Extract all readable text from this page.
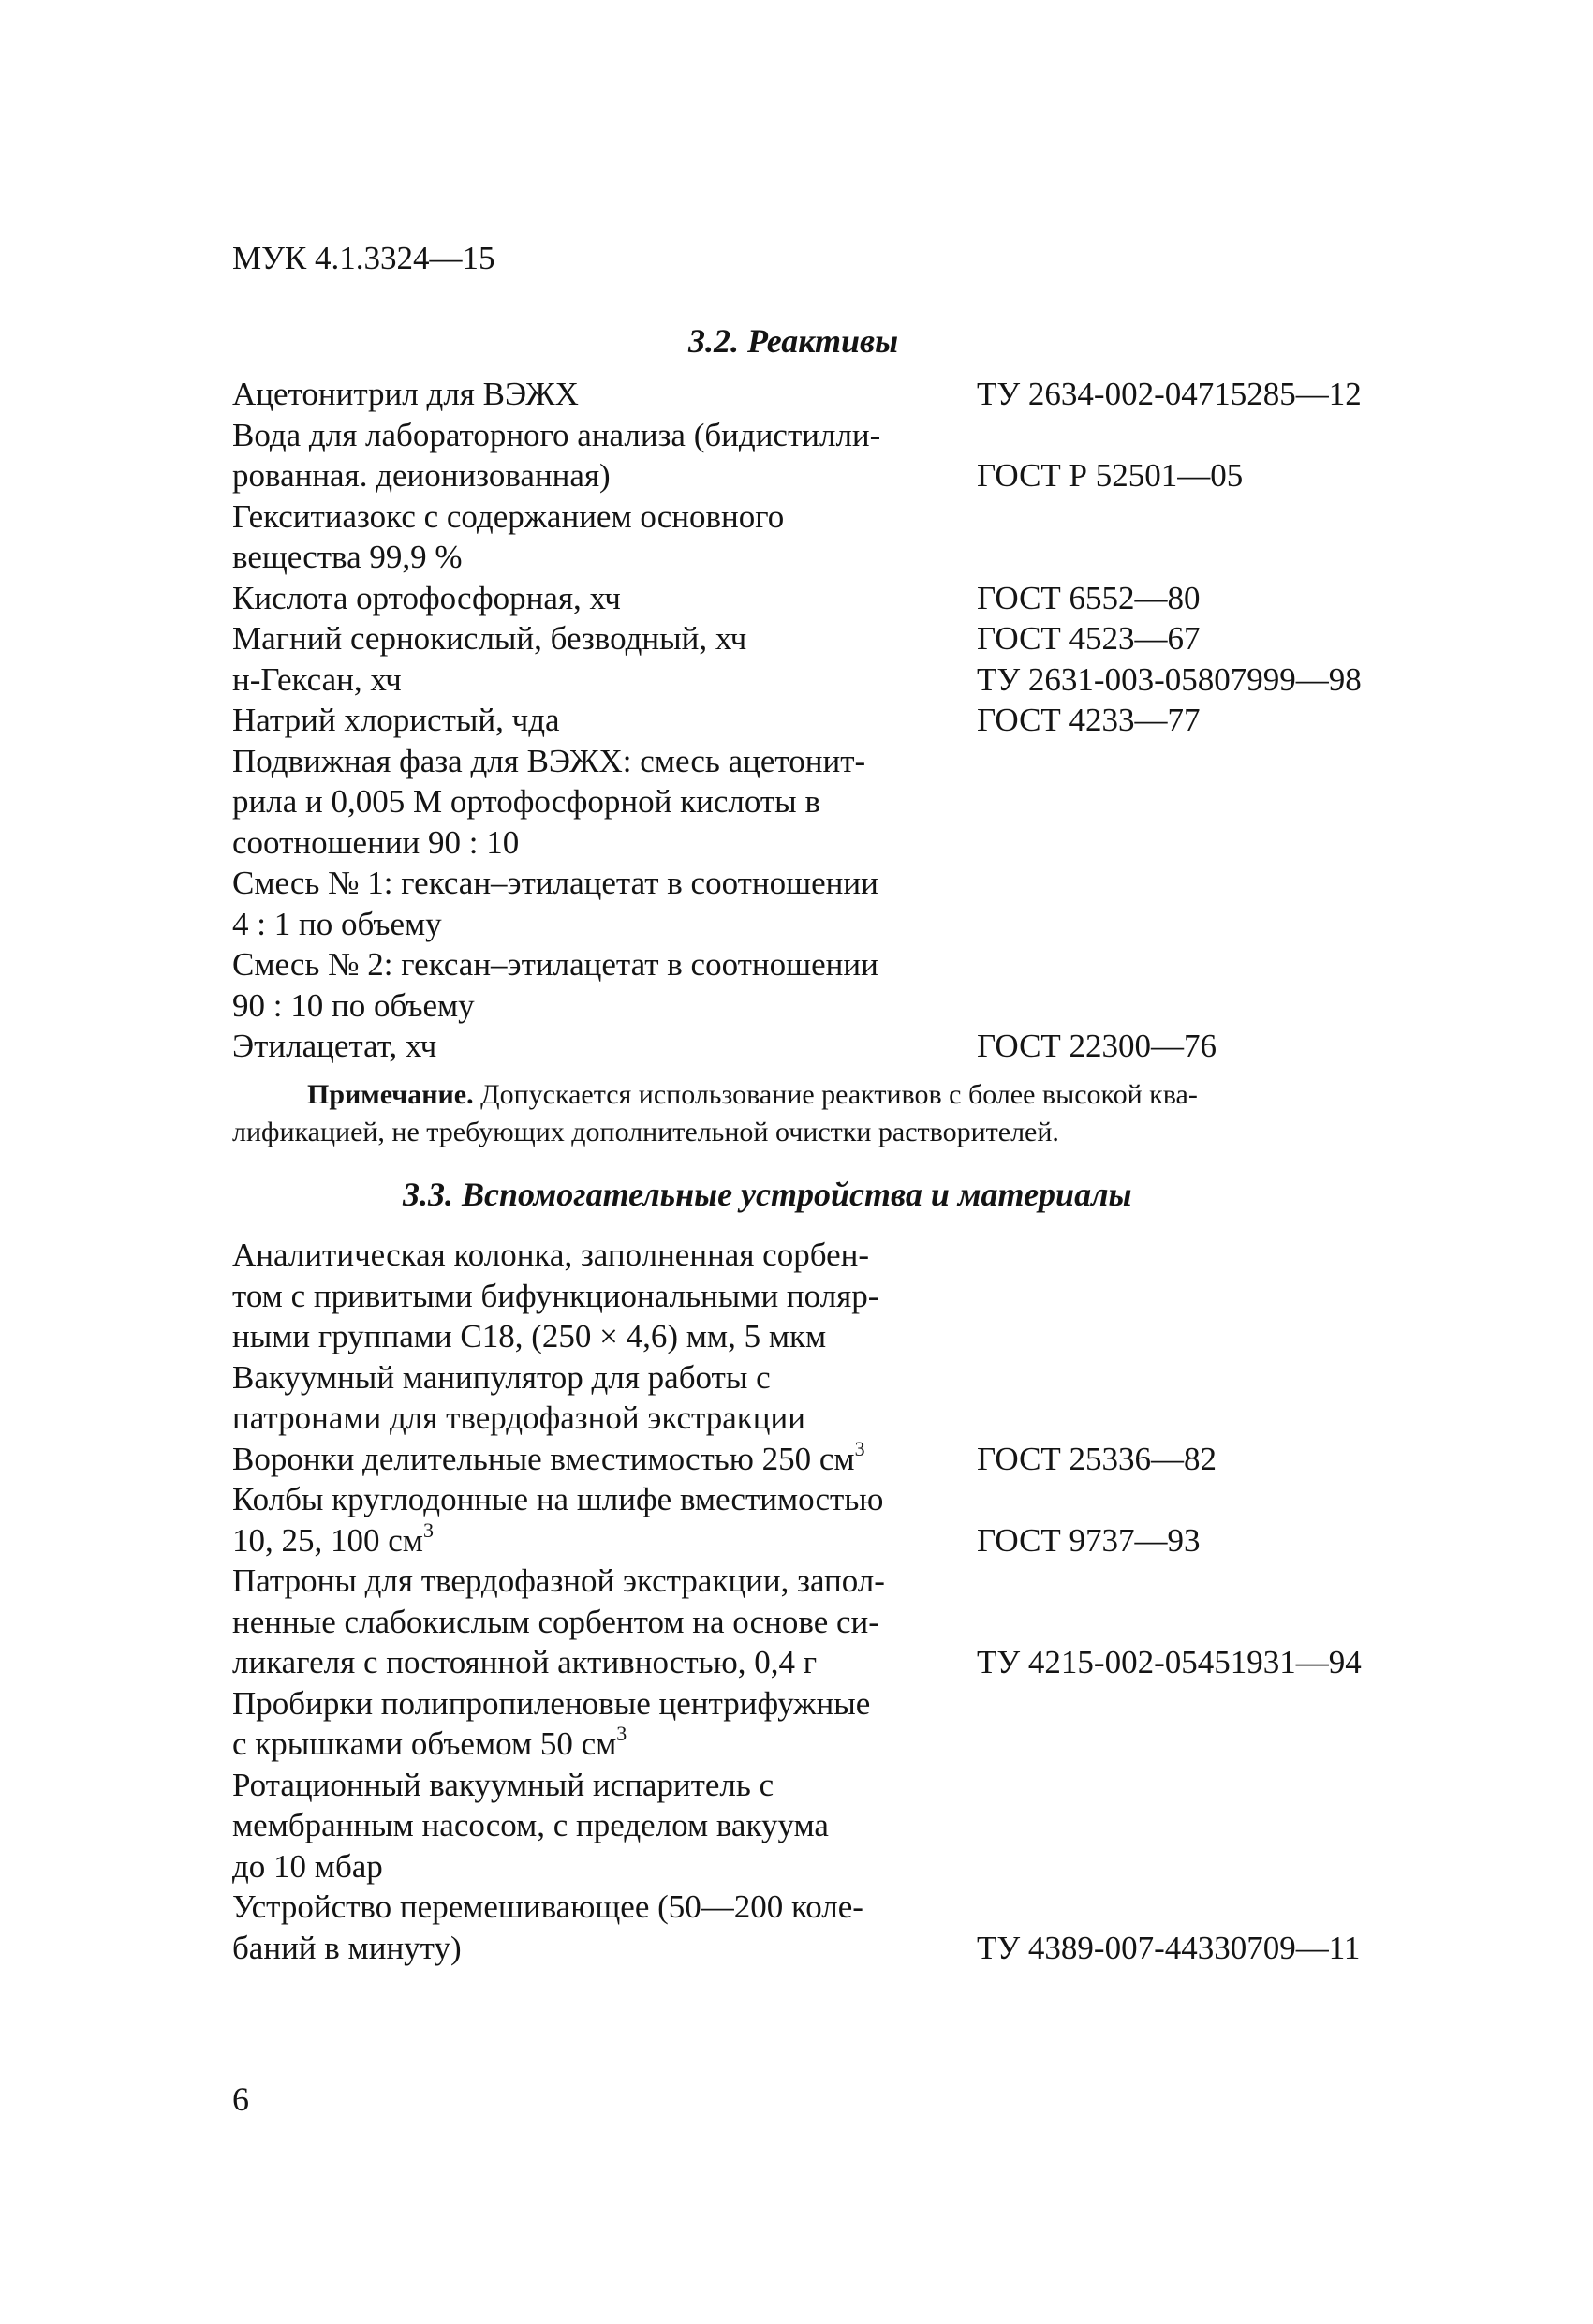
МУК 4.1.3324—15
3.2. Реактивы
Ацетонитрил для ВЭЖХ	ТУ 2634-002-04715285—12
Вода для лабораторного анализа (бидистилли-
рованная. деионизованная)	ГОСТ Р 52501—05
Гекситиазокс с содержанием основного
вещества 99,9 %
Кислота ортофосфорная, хч	ГОСТ 6552—80
Магний сернокислый, безводный, хч	ГОСТ 4523—67
н-Гексан, хч	ТУ 2631-003-05807999—98
Натрий хлористый, чда	ГОСТ 4233—77
Подвижная фаза для ВЭЖХ: смесь ацетонит-
рила и 0,005 М ортофосфорной кислоты в
соотношении 90 : 10
Смесь № 1: гексан–этилацетат в соотношении
4 : 1 по объему
Смесь № 2: гексан–этилацетат в соотношении
90 : 10 по объему
Этилацетат, хч	ГОСТ 22300—76
Примечание. Допускается использование реактивов с более высокой ква-
лификацией, не требующих дополнительной очистки растворителей.
3.3. Вспомогательные устройства и материалы
Аналитическая колонка, заполненная сорбен-
том с привитыми бифункциональными поляр-
ными группами С18, (250 × 4,6) мм, 5 мкм
Вакуумный манипулятор для работы с
патронами для твердофазной экстракции
Воронки делительные вместимостью 250 $см^3$	ГОСТ 25336—82
Колбы круглодонные на шлифе вместимостью
10, 25, 100 $см^3$	ГОСТ 9737—93
Патроны для твердофазной экстракции, запол-
ненные слабокислым сорбентом на основе си-
ликагеля с постоянной активностью, 0,4 г	ТУ 4215-002-05451931—94
Пробирки полипропиленовые центрифужные
с крышками объемом 50 $см^3$
Ротационный вакуумный испаритель с
мембранным насосом, с пределом вакуума
до 10 мбар
Устройство перемешивающее (50—200 коле-
баний в минуту)	ТУ 4389-007-44330709—11
6
